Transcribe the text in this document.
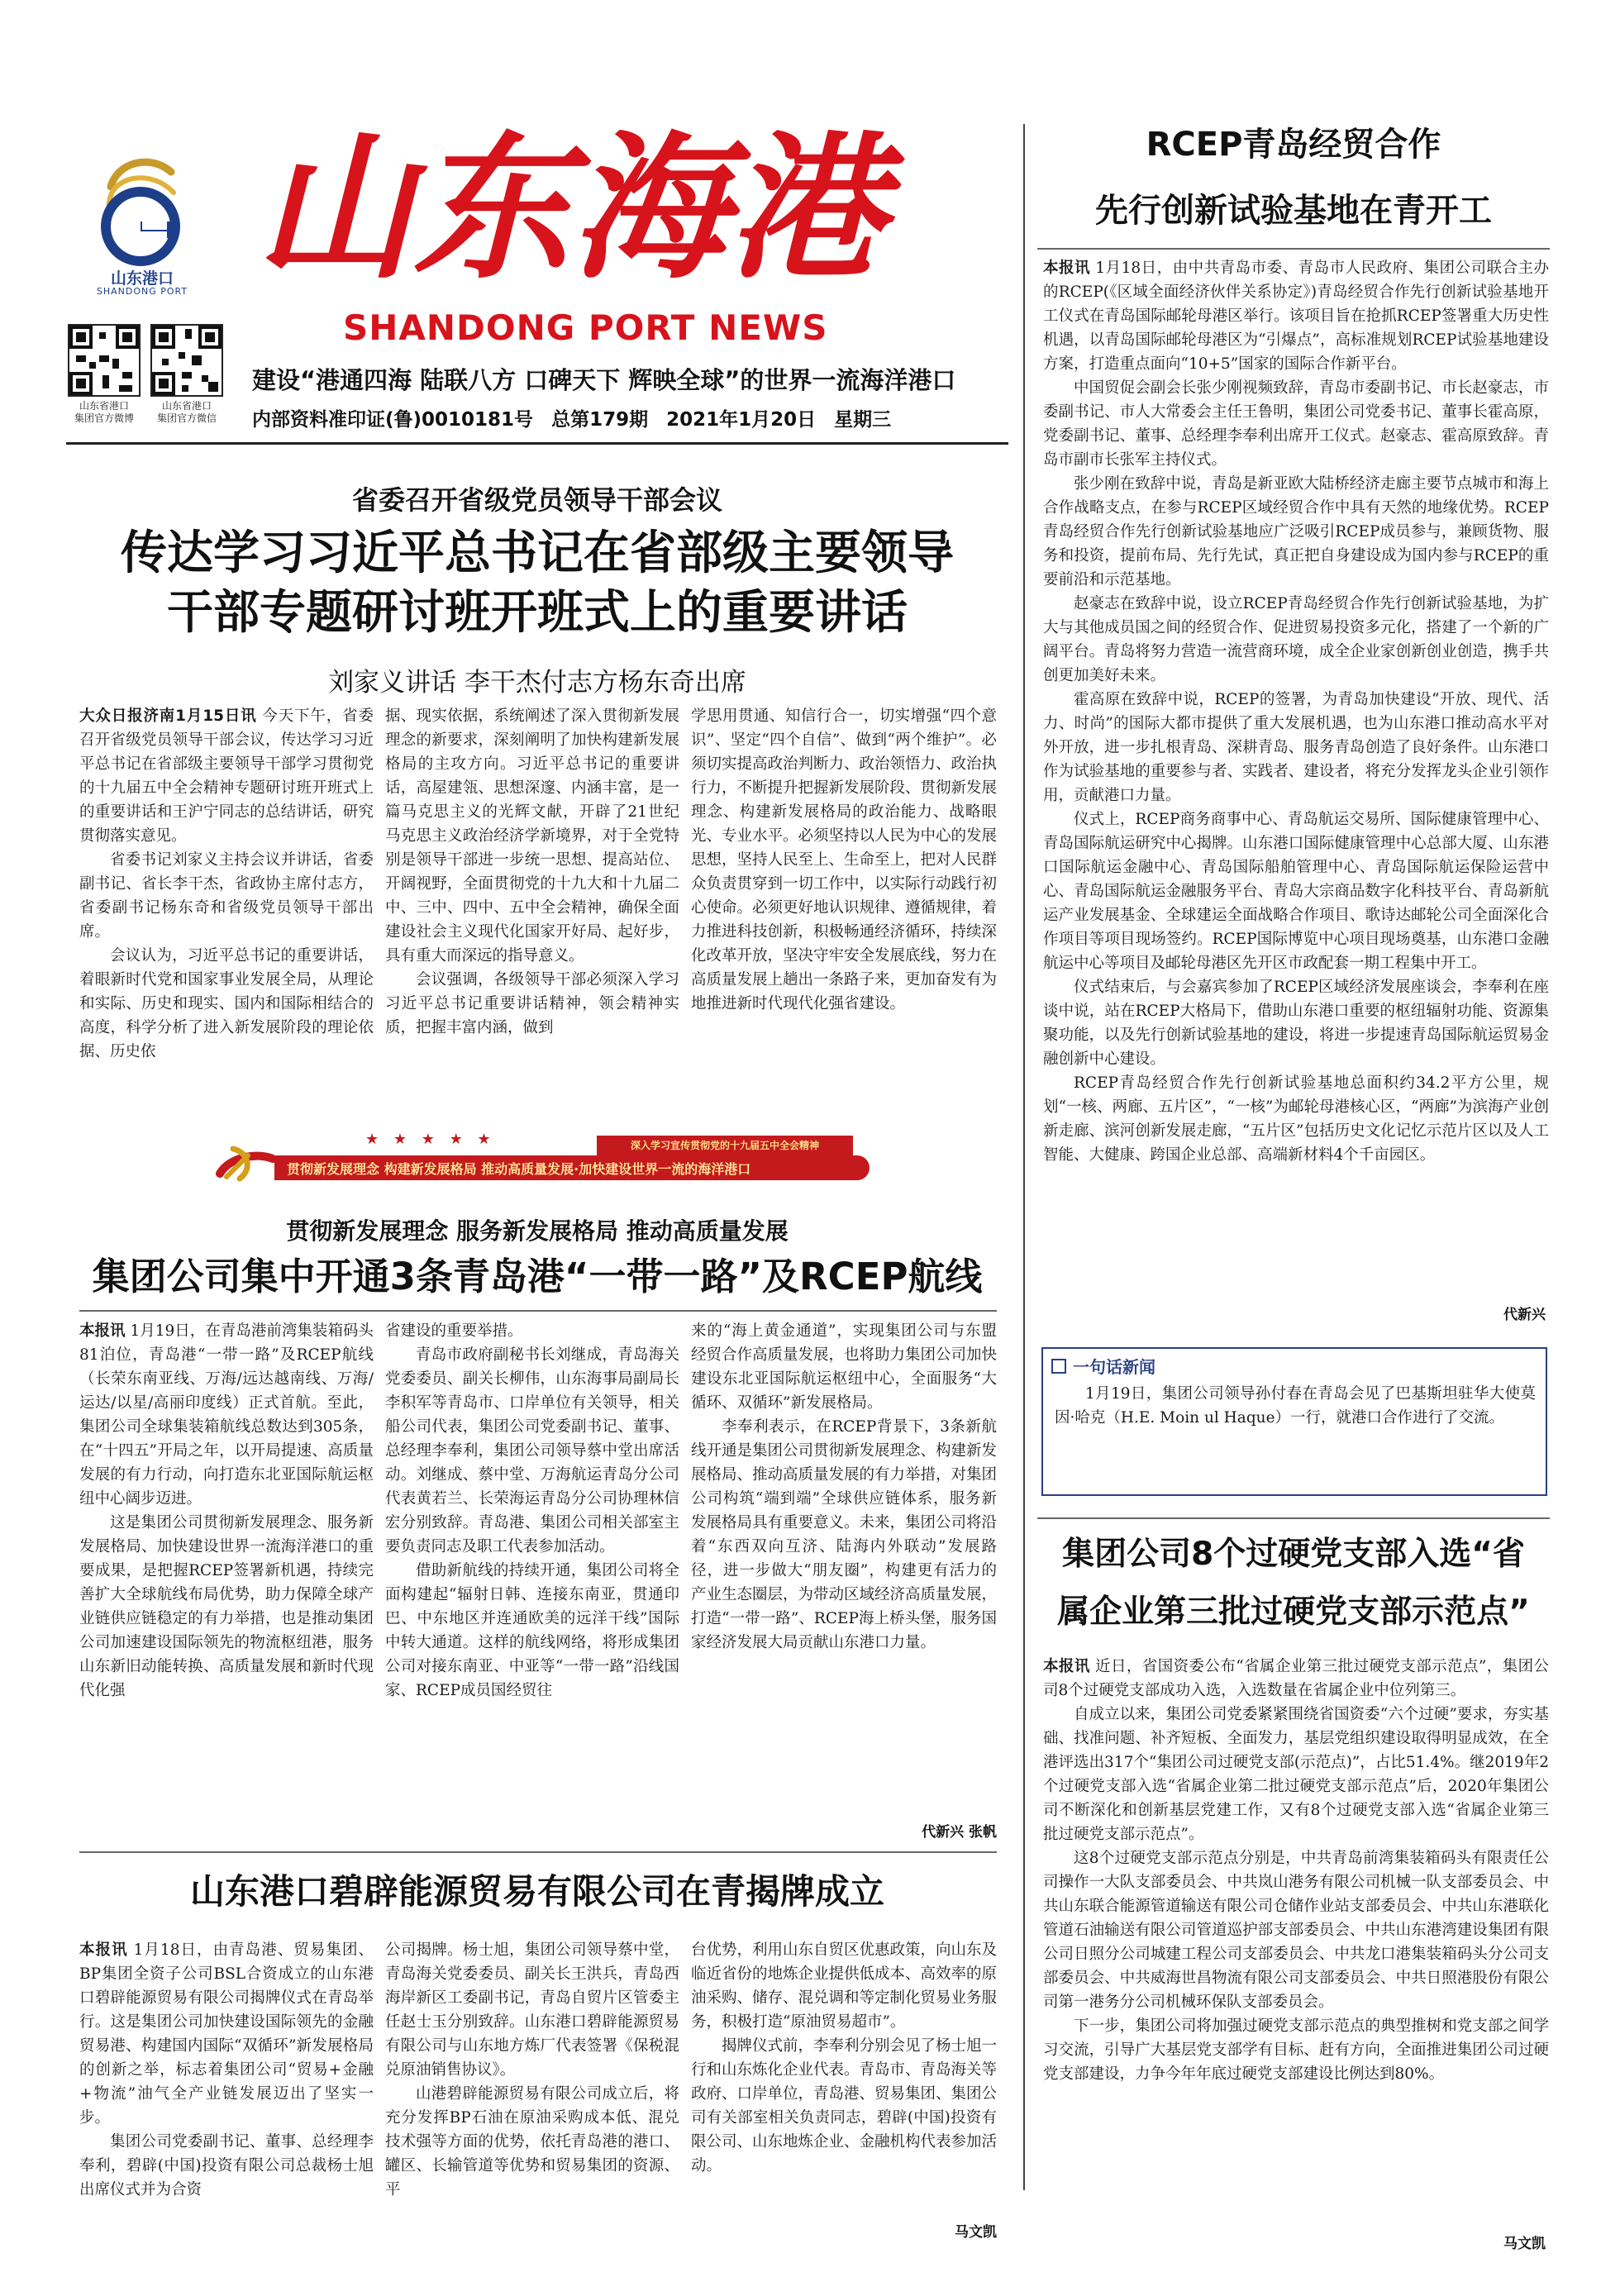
山东港口
SHANDONG PORT 山东海港
SHANDONG PORT NEWS
山东省港口
集团官方微博
山东省港口
集团官方微信
建设“港通四海 陆联八方 口碑天下 辉映全球”的世界一流海洋港口
内部资料准印证(鲁)0010181号 总第179期 2021年1月20日 星期三
省委召开省级党员领导干部会议
传达学习习近平总书记在省部级主要领导
干部专题研讨班开班式上的重要讲话
刘家义讲话 李干杰付志方杨东奇出席

大众日报济南1月15日讯 今天下午，省委召开省级党员领导干部会议，传达学习习近平总书记在省部级主要领导干部学习贯彻党的十九届五中全会精神专题研讨班开班式上的重要讲话和王沪宁同志的总结讲话，研究贯彻落实意见。

省委书记刘家义主持会议并讲话，省委副书记、省长李干杰，省政协主席付志方，省委副书记杨东奇和省级党员领导干部出席。

会议认为，习近平总书记的重要讲话，着眼新时代党和国家事业发展全局，从理论和实际、历史和现实、国内和国际相结合的高度，科学分析了进入新发展阶段的理论依据、历史依

据、现实依据，系统阐述了深入贯彻新发展理念的新要求，深刻阐明了加快构建新发展格局的主攻方向。习近平总书记的重要讲话，高屋建瓴、思想深邃、内涵丰富，是一篇马克思主义的光辉文献，开辟了21世纪马克思主义政治经济学新境界，对于全党特别是领导干部进一步统一思想、提高站位、开阔视野，全面贯彻党的十九大和十九届二中、三中、四中、五中全会精神，确保全面建设社会主义现代化国家开好局、起好步，具有重大而深远的指导意义。

会议强调，各级领导干部必须深入学习习近平总书记重要讲话精神，领会精神实质，把握丰富内涵，做到

学思用贯通、知信行合一，切实增强“四个意识”、坚定“四个自信”、做到“两个维护”。必须切实提高政治判断力、政治领悟力、政治执行力，不断提升把握新发展阶段、贯彻新发展理念、构建新发展格局的政治能力、战略眼光、专业水平。必须坚持以人民为中心的发展思想，坚持人民至上、生命至上，把对人民群众负责贯穿到一切工作中，以实际行动践行初心使命。必须更好地认识规律、遵循规律，着力推进科技创新，积极畅通经济循环，持续深化改革开放，坚决守牢安全发展底线，努力在高质量发展上趟出一条路子来，更加奋发有为地推进新时代现代化强省建设。

★ ★ ★ ★ ★	深入学习宣传贯彻党的十九届五中全会精神
贯彻新发展理念 构建新发展格局 推动高质量发展·加快建设世界一流的海洋港口
贯彻新发展理念 服务新发展格局 推动高质量发展
集团公司集中开通3条青岛港“一带一路”及RCEP航线

本报讯 1月19日，在青岛港前湾集装箱码头81泊位，青岛港“一带一路”及RCEP航线（长荣东南亚线、万海/远达越南线、万海/运达/以星/高丽印度线）正式首航。至此，集团公司全球集装箱航线总数达到305条，在“十四五”开局之年，以开局提速、高质量发展的有力行动，向打造东北亚国际航运枢纽中心阔步迈进。

这是集团公司贯彻新发展理念、服务新发展格局、加快建设世界一流海洋港口的重要成果，是把握RCEP签署新机遇，持续完善扩大全球航线布局优势，助力保障全球产业链供应链稳定的有力举措，也是推动集团公司加速建设国际领先的物流枢纽港，服务山东新旧动能转换、高质量发展和新时代现代化强

省建设的重要举措。

青岛市政府副秘书长刘继成，青岛海关党委委员、副关长柳伟，山东海事局副局长李积军等青岛市、口岸单位有关领导，相关船公司代表，集团公司党委副书记、董事、总经理李奉利，集团公司领导蔡中堂出席活动。刘继成、蔡中堂、万海航运青岛分公司代表黄若兰、长荣海运青岛分公司协理林信宏分别致辞。青岛港、集团公司相关部室主要负责同志及职工代表参加活动。

借助新航线的持续开通，集团公司将全面构建起“辐射日韩、连接东南亚，贯通印巴、中东地区并连通欧美的远洋干线”国际中转大通道。这样的航线网络，将形成集团公司对接东南亚、中亚等“一带一路”沿线国家、RCEP成员国经贸往

来的“海上黄金通道”，实现集团公司与东盟经贸合作高质量发展，也将助力集团公司加快建设东北亚国际航运枢纽中心，全面服务“大循环、双循环”新发展格局。

李奉利表示，在RCEP背景下，3条新航线开通是集团公司贯彻新发展理念、构建新发展格局、推动高质量发展的有力举措，对集团公司构筑“端到端”全球供应链体系，服务新发展格局具有重要意义。未来，集团公司将沿着“东西双向互济、陆海内外联动”发展路径，进一步做大“朋友圈”，构建更有活力的产业生态圈层，为带动区域经济高质量发展，打造“一带一路”、RCEP海上桥头堡，服务国家经济发展大局贡献山东港口力量。

代新兴 张帆
山东港口碧辟能源贸易有限公司在青揭牌成立

本报讯 1月18日，由青岛港、贸易集团、BP集团全资子公司BSL合资成立的山东港口碧辟能源贸易有限公司揭牌仪式在青岛举行。这是集团公司加快建设国际领先的金融贸易港、构建国内国际“双循环”新发展格局的创新之举，标志着集团公司“贸易+金融+物流”油气全产业链发展迈出了坚实一步。

集团公司党委副书记、董事、总经理李奉利，碧辟(中国)投资有限公司总裁杨士旭出席仪式并为合资

公司揭牌。杨士旭，集团公司领导蔡中堂，青岛海关党委委员、副关长王洪兵，青岛西海岸新区工委副书记，青岛自贸片区管委主任赵士玉分别致辞。山东港口碧辟能源贸易有限公司与山东地方炼厂代表签署《保税混兑原油销售协议》。

山港碧辟能源贸易有限公司成立后，将充分发挥BP石油在原油采购成本低、混兑技术强等方面的优势，依托青岛港的港口、罐区、长输管道等优势和贸易集团的资源、平

台优势，利用山东自贸区优惠政策，向山东及临近省份的地炼企业提供低成本、高效率的原油采购、储存、混兑调和等定制化贸易业务服务，积极打造“原油贸易超市”。

揭牌仪式前，李奉利分别会见了杨士旭一行和山东炼化企业代表。青岛市、青岛海关等政府、口岸单位，青岛港、贸易集团、集团公司有关部室相关负责同志，碧辟(中国)投资有限公司、山东地炼企业、金融机构代表参加活动。

马文凯
RCEP青岛经贸合作
先行创新试验基地在青开工

本报讯 1月18日，由中共青岛市委、青岛市人民政府、集团公司联合主办的RCEP(《区域全面经济伙伴关系协定》)青岛经贸合作先行创新试验基地开工仪式在青岛国际邮轮母港区举行。该项目旨在抢抓RCEP签署重大历史性机遇，以青岛国际邮轮母港区为“引爆点”，高标准规划RCEP试验基地建设方案，打造重点面向“10+5”国家的国际合作新平台。

中国贸促会副会长张少刚视频致辞，青岛市委副书记、市长赵豪志，市委副书记、市人大常委会主任王鲁明，集团公司党委书记、董事长霍高原，党委副书记、董事、总经理李奉利出席开工仪式。赵豪志、霍高原致辞。青岛市副市长张军主持仪式。

张少刚在致辞中说，青岛是新亚欧大陆桥经济走廊主要节点城市和海上合作战略支点，在参与RCEP区域经贸合作中具有天然的地缘优势。RCEP青岛经贸合作先行创新试验基地应广泛吸引RCEP成员参与，兼顾货物、服务和投资，提前布局、先行先试，真正把自身建设成为国内参与RCEP的重要前沿和示范基地。

赵豪志在致辞中说，设立RCEP青岛经贸合作先行创新试验基地，为扩大与其他成员国之间的经贸合作、促进贸易投资多元化，搭建了一个新的广阔平台。青岛将努力营造一流营商环境，成全企业家创新创业创造，携手共创更加美好未来。

霍高原在致辞中说，RCEP的签署，为青岛加快建设“开放、现代、活力、时尚”的国际大都市提供了重大发展机遇，也为山东港口推动高水平对外开放，进一步扎根青岛、深耕青岛、服务青岛创造了良好条件。山东港口作为试验基地的重要参与者、实践者、建设者，将充分发挥龙头企业引领作用，贡献港口力量。

仪式上，RCEP商务商事中心、青岛航运交易所、国际健康管理中心、青岛国际航运研究中心揭牌。山东港口国际健康管理中心总部大厦、山东港口国际航运金融中心、青岛国际船舶管理中心、青岛国际航运保险运营中心、青岛国际航运金融服务平台、青岛大宗商品数字化科技平台、青岛新航运产业发展基金、全球建运全面战略合作项目、歌诗达邮轮公司全面深化合作项目等项目现场签约。RCEP国际博览中心项目现场奠基，山东港口金融航运中心等项目及邮轮母港区先开区市政配套一期工程集中开工。

仪式结束后，与会嘉宾参加了RCEP区域经济发展座谈会，李奉利在座谈中说，站在RCEP大格局下，借助山东港口重要的枢纽辐射功能、资源集聚功能，以及先行创新试验基地的建设，将进一步提速青岛国际航运贸易金融创新中心建设。

RCEP青岛经贸合作先行创新试验基地总面积约34.2平方公里，规划“一核、两廊、五片区”，“一核”为邮轮母港核心区，“两廊”为滨海产业创新走廊、滨河创新发展走廊，“五片区”包括历史文化记忆示范片区以及人工智能、大健康、跨国企业总部、高端新材料4个千亩园区。

代新兴
一句话新闻

1月19日，集团公司领导孙付春在青岛会见了巴基斯坦驻华大使莫因·哈克（H.E. Moin ul Haque）一行，就港口合作进行了交流。

集团公司8个过硬党支部入选“省
属企业第三批过硬党支部示范点”

本报讯 近日，省国资委公布“省属企业第三批过硬党支部示范点”，集团公司8个过硬党支部成功入选，入选数量在省属企业中位列第三。

自成立以来，集团公司党委紧紧围绕省国资委“六个过硬”要求，夯实基础、找准问题、补齐短板、全面发力，基层党组织建设取得明显成效，在全港评选出317个“集团公司过硬党支部(示范点)”，占比51.4%。继2019年2个过硬党支部入选“省属企业第二批过硬党支部示范点”后，2020年集团公司不断深化和创新基层党建工作，又有8个过硬党支部入选“省属企业第三批过硬党支部示范点”。

这8个过硬党支部示范点分别是，中共青岛前湾集装箱码头有限责任公司操作一大队支部委员会、中共岚山港务有限公司机械一队支部委员会、中共山东联合能源管道输送有限公司仓储作业站支部委员会、中共山东港联化管道石油输送有限公司管道巡护部支部委员会、中共山东港湾建设集团有限公司日照分公司城建工程公司支部委员会、中共龙口港集装箱码头分公司支部委员会、中共威海世昌物流有限公司支部委员会、中共日照港股份有限公司第一港务分公司机械环保队支部委员会。

下一步，集团公司将加强过硬党支部示范点的典型推树和党支部之间学习交流，引导广大基层党支部学有目标、赶有方向，全面推进集团公司过硬党支部建设，力争今年年底过硬党支部建设比例达到80%。

马文凯
